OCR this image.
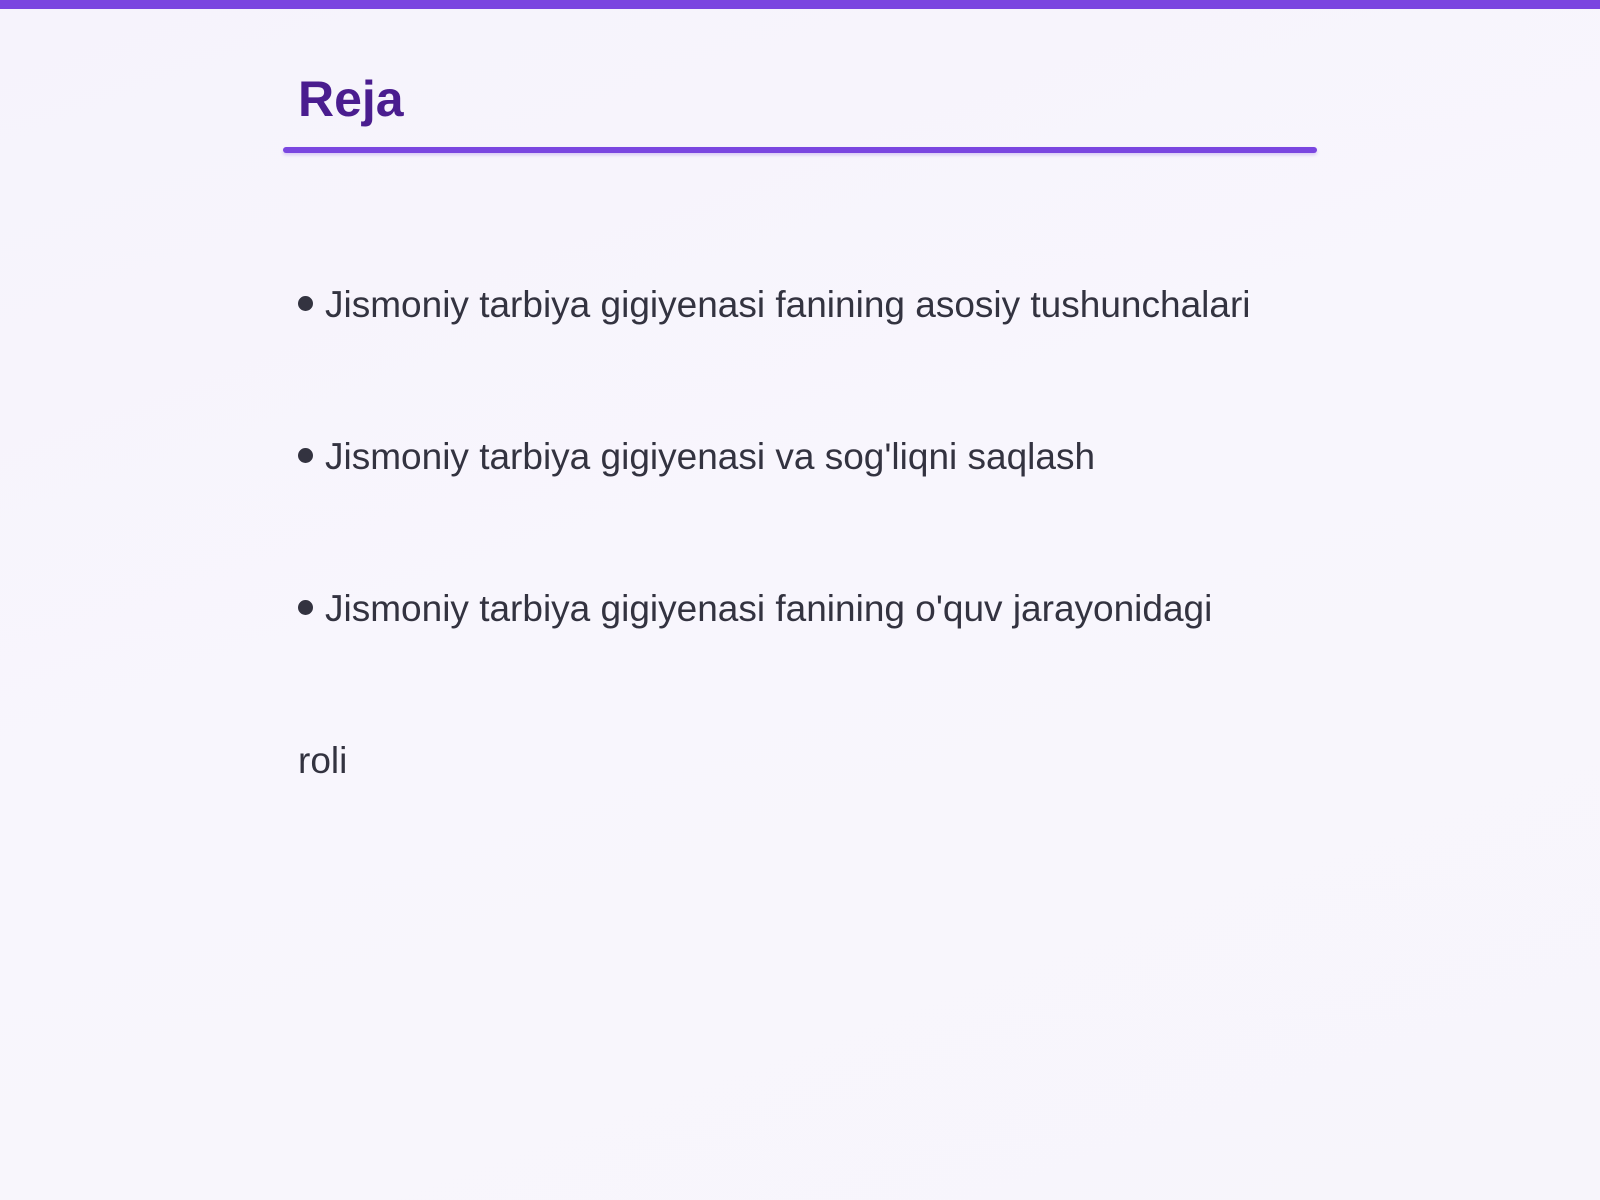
Reja

Jismoniy tarbiya gigiyenasi fanining asosiy tushunchalari

Jismoniy tarbiya gigiyenasi va sog'liqni saqlash

Jismoniy tarbiya gigiyenasi fanining o'quv jarayonidagi

roli
